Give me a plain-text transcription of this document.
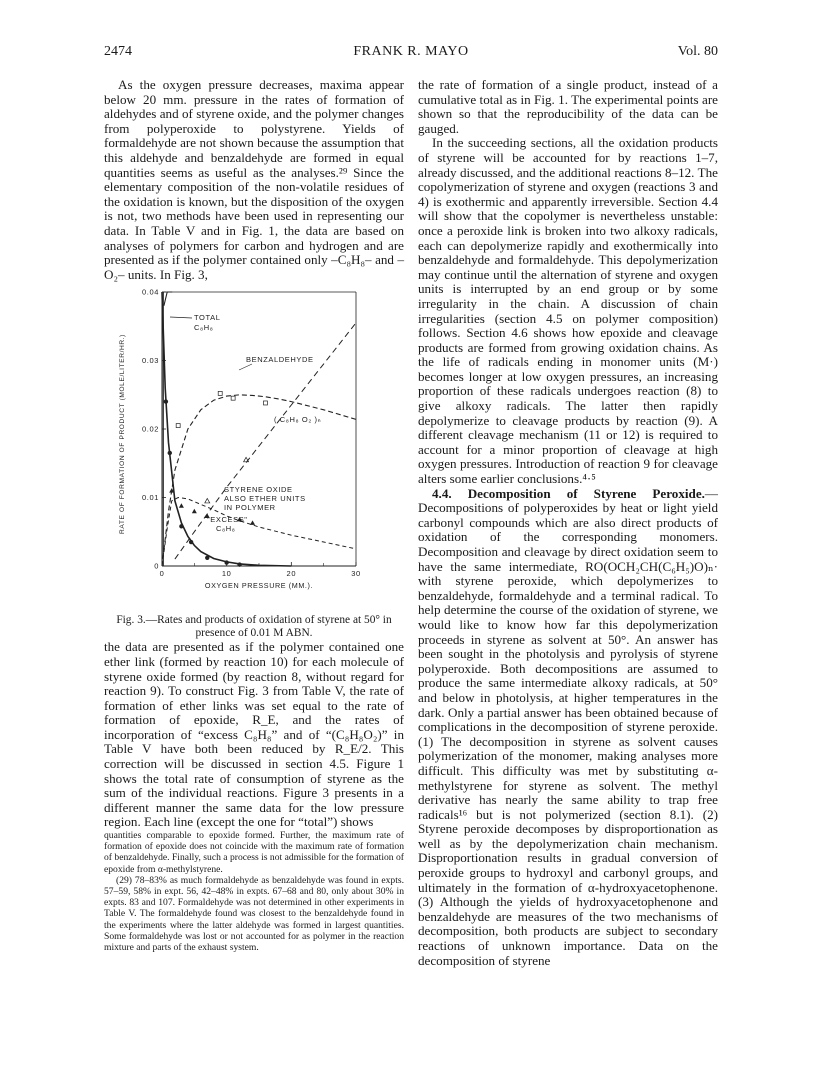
2474	FRANK R. MAYO	Vol. 80

As the oxygen pressure decreases, maxima appear below 20 mm. pressure in the rates of formation of aldehydes and of styrene oxide, and the polymer changes from polyperoxide to polystyrene. Yields of formaldehyde are not shown because the assumption that this aldehyde and benzaldehyde are formed in equal quantities seems as useful as the analyses.²⁹ Since the elementary composition of the non-volatile residues of the oxidation is known, but the disposition of the oxygen is not, two methods have been used in representing our data. In Table V and in Fig. 1, the data are based on analyses of polymers for carbon and hydrogen and are presented as if the polymer contained only –C₈H₈– and –O₂– units. In Fig. 3,

0
0.01
0.02
0.03
0.04
0	10	20	30
OXYGEN PRESSURE (MM.).
RATE OF FORMATION OF PRODUCT (MOLE/LITER/HR.)
TOTAL
C₈H₈
BENZALDEHYDE
( C₈H₈ O₂ )ₙ
STYRENE OXIDE
ALSO ETHER UNITS
IN POLYMER
"EXCESS"
C₈H₈

Fig. 3.—Rates and products of oxidation of styrene at 50° in presence of 0.01 M ABN.

the data are presented as if the polymer contained one ether link (formed by reaction 10) for each molecule of styrene oxide formed (by reaction 8, without regard for reaction 9). To construct Fig. 3 from Table V, the rate of formation of ether links was set equal to the rate of formation of epoxide, R_E, and the rates of incorporation of “excess C₈H₈” and of “(C₈H₈O₂)” in Table V have both been reduced by R_E/2. This correction will be discussed in section 4.5. Figure 1 shows the total rate of consumption of styrene as the sum of the individual reactions. Figure 3 presents in a different manner the same data for the low pressure region. Each line (except the one for “total”) shows

quantities comparable to epoxide formed. Further, the maximum rate of formation of epoxide does not coincide with the maximum rate of formation of benzaldehyde. Finally, such a process is not admissible for the formation of epoxide from α-methylstyrene.

(29) 78–83% as much formaldehyde as benzaldehyde was found in expts. 57–59, 58% in expt. 56, 42–48% in expts. 67–68 and 80, only about 30% in expts. 83 and 107. Formaldehyde was not determined in other experiments in Table V. The formaldehyde found was closest to the benzaldehyde found in the experiments where the latter aldehyde was formed in largest quantities. Some formaldehyde was lost or not accounted for as polymer in the reaction mixture and parts of the exhaust system.

the rate of formation of a single product, instead of a cumulative total as in Fig. 1. The experimental points are shown so that the reproducibility of the data can be gauged.

In the succeeding sections, all the oxidation products of styrene will be accounted for by reactions 1–7, already discussed, and the additional reactions 8–12. The copolymerization of styrene and oxygen (reactions 3 and 4) is exothermic and apparently irreversible. Section 4.4 will show that the copolymer is nevertheless unstable: once a peroxide link is broken into two alkoxy radicals, each can depolymerize rapidly and exothermically into benzaldehyde and formaldehyde. This depolymerization may continue until the alternation of styrene and oxygen units is interrupted by an end group or by some irregularity in the chain. A discussion of chain irregularities (section 4.5 on polymer composition) follows. Section 4.6 shows how epoxide and cleavage products are formed from growing oxidation chains. As the life of radicals ending in monomer units (M·) becomes longer at low oxygen pressures, an increasing proportion of these radicals undergoes reaction (8) to give alkoxy radicals. The latter then rapidly depolymerize to cleavage products by reaction (9). A different cleavage mechanism (11 or 12) is required to account for a minor proportion of cleavage at high oxygen pressures. Introduction of reaction 9 for cleavage alters some earlier conclusions.⁴·⁵

4.4. Decomposition of Styrene Peroxide.—Decompositions of polyperoxides by heat or light yield carbonyl compounds which are also direct products of oxidation of the corresponding monomers. Decomposition and cleavage by direct oxidation seem to have the same intermediate, RO(OCH₂CH(C₆H₅)O)ₙ· with styrene peroxide, which depolymerizes to benzaldehyde, formaldehyde and a terminal radical. To help determine the course of the oxidation of styrene, we would like to know how far this depolymerization proceeds in styrene as solvent at 50°. An answer has been sought in the photolysis and pyrolysis of styrene polyperoxide. Both decompositions are assumed to produce the same intermediate alkoxy radicals, at 50° and below in photolysis, at higher temperatures in the dark. Only a partial answer has been obtained because of complications in the decomposition of styrene peroxide. (1) The decomposition in styrene as solvent causes polymerization of the monomer, making analyses more difficult. This difficulty was met by substituting α-methylstyrene for styrene as solvent. The methyl derivative has nearly the same ability to trap free radicals¹⁶ but is not polymerized (section 8.1). (2) Styrene peroxide decomposes by disproportionation as well as by the depolymerization chain mechanism. Disproportionation results in gradual conversion of peroxide groups to hydroxyl and carbonyl groups, and ultimately in the formation of α-hydroxyacetophenone. (3) Although the yields of hydroxyacetophenone and benzaldehyde are measures of the two mechanisms of decomposition, both products are subject to secondary reactions of unknown importance. Data on the decomposition of styrene
